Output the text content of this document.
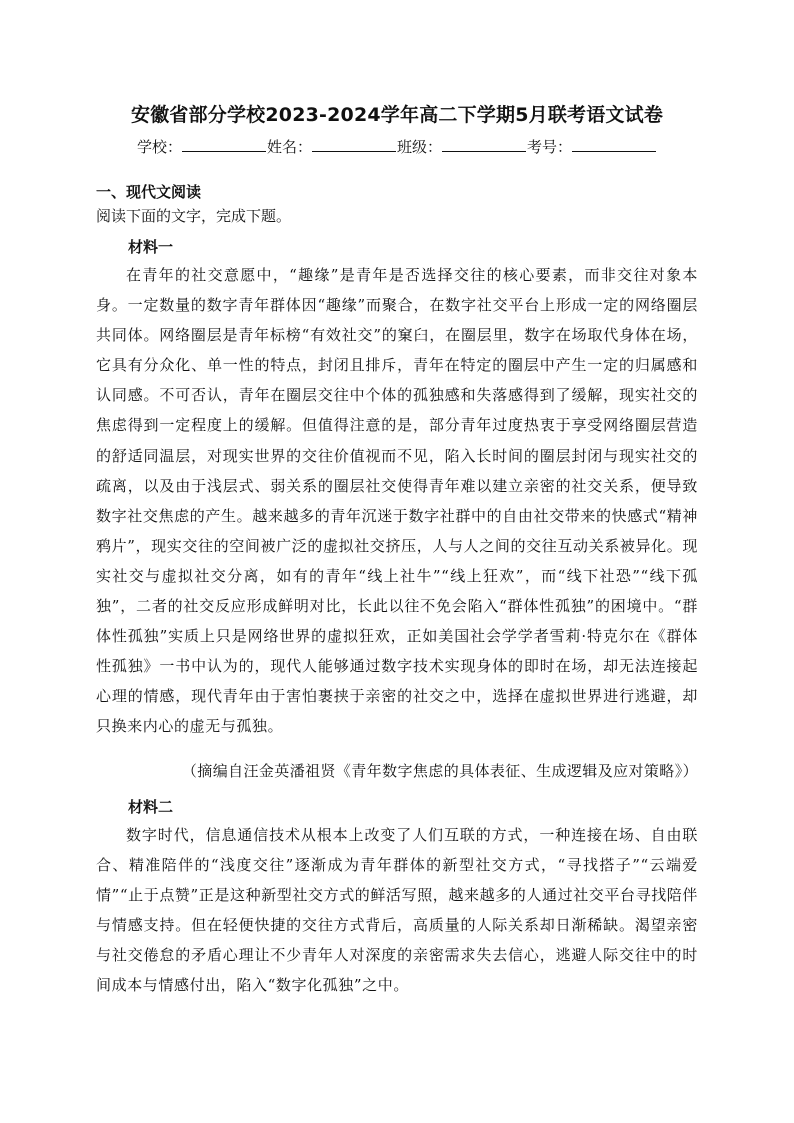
安徽省部分学校2023-2024学年高二下学期5月联考语文试卷
学校：	姓名：	班级：	考号：
一、现代文阅读
阅读下面的文字，完成下题。
材料一

在青年的社交意愿中，“趣缘”是青年是否选择交往的核心要素，而非交往对象本身。一定数量的数字青年群体因“趣缘”而聚合，在数字社交平台上形成一定的网络圈层共同体。网络圈层是青年标榜“有效社交”的窠臼，在圈层里，数字在场取代身体在场，它具有分众化、单一性的特点，封闭且排斥，青年在特定的圈层中产生一定的归属感和认同感。不可否认，青年在圈层交往中个体的孤独感和失落感得到了缓解，现实社交的焦虑得到一定程度上的缓解。但值得注意的是，部分青年过度热衷于享受网络圈层营造的舒适同温层，对现实世界的交往价值视而不见，陷入长时间的圈层封闭与现实社交的疏离，以及由于浅层式、弱关系的圈层社交使得青年难以建立亲密的社交关系，便导致数字社交焦虑的产生。越来越多的青年沉迷于数字社群中的自由社交带来的快感式“精神鸦片”，现实交往的空间被广泛的虚拟社交挤压，人与人之间的交往互动关系被异化。现实社交与虚拟社交分离，如有的青年“线上社牛”“线上狂欢”，而“线下社恐”“线下孤独”，二者的社交反应形成鲜明对比，长此以往不免会陷入“群体性孤独”的困境中。“群体性孤独”实质上只是网络世界的虚拟狂欢，正如美国社会学学者雪莉·特克尔在《群体性孤独》一书中认为的，现代人能够通过数字技术实现身体的即时在场，却无法连接起心理的情感，现代青年由于害怕裹挟于亲密的社交之中，选择在虚拟世界进行逃避，却只换来内心的虚无与孤独。

（摘编自汪金英潘祖贤《青年数字焦虑的具体表征、生成逻辑及应对策略》）
材料二

数字时代，信息通信技术从根本上改变了人们互联的方式，一种连接在场、自由联合、精准陪伴的“浅度交往”逐渐成为青年群体的新型社交方式，“寻找搭子”“云端爱情”“止于点赞”正是这种新型社交方式的鲜活写照，越来越多的人通过社交平台寻找陪伴与情感支持。但在轻便快捷的交往方式背后，高质量的人际关系却日渐稀缺。渴望亲密与社交倦怠的矛盾心理让不少青年人对深度的亲密需求失去信心，逃避人际交往中的时间成本与情感付出，陷入“数字化孤独”之中。
